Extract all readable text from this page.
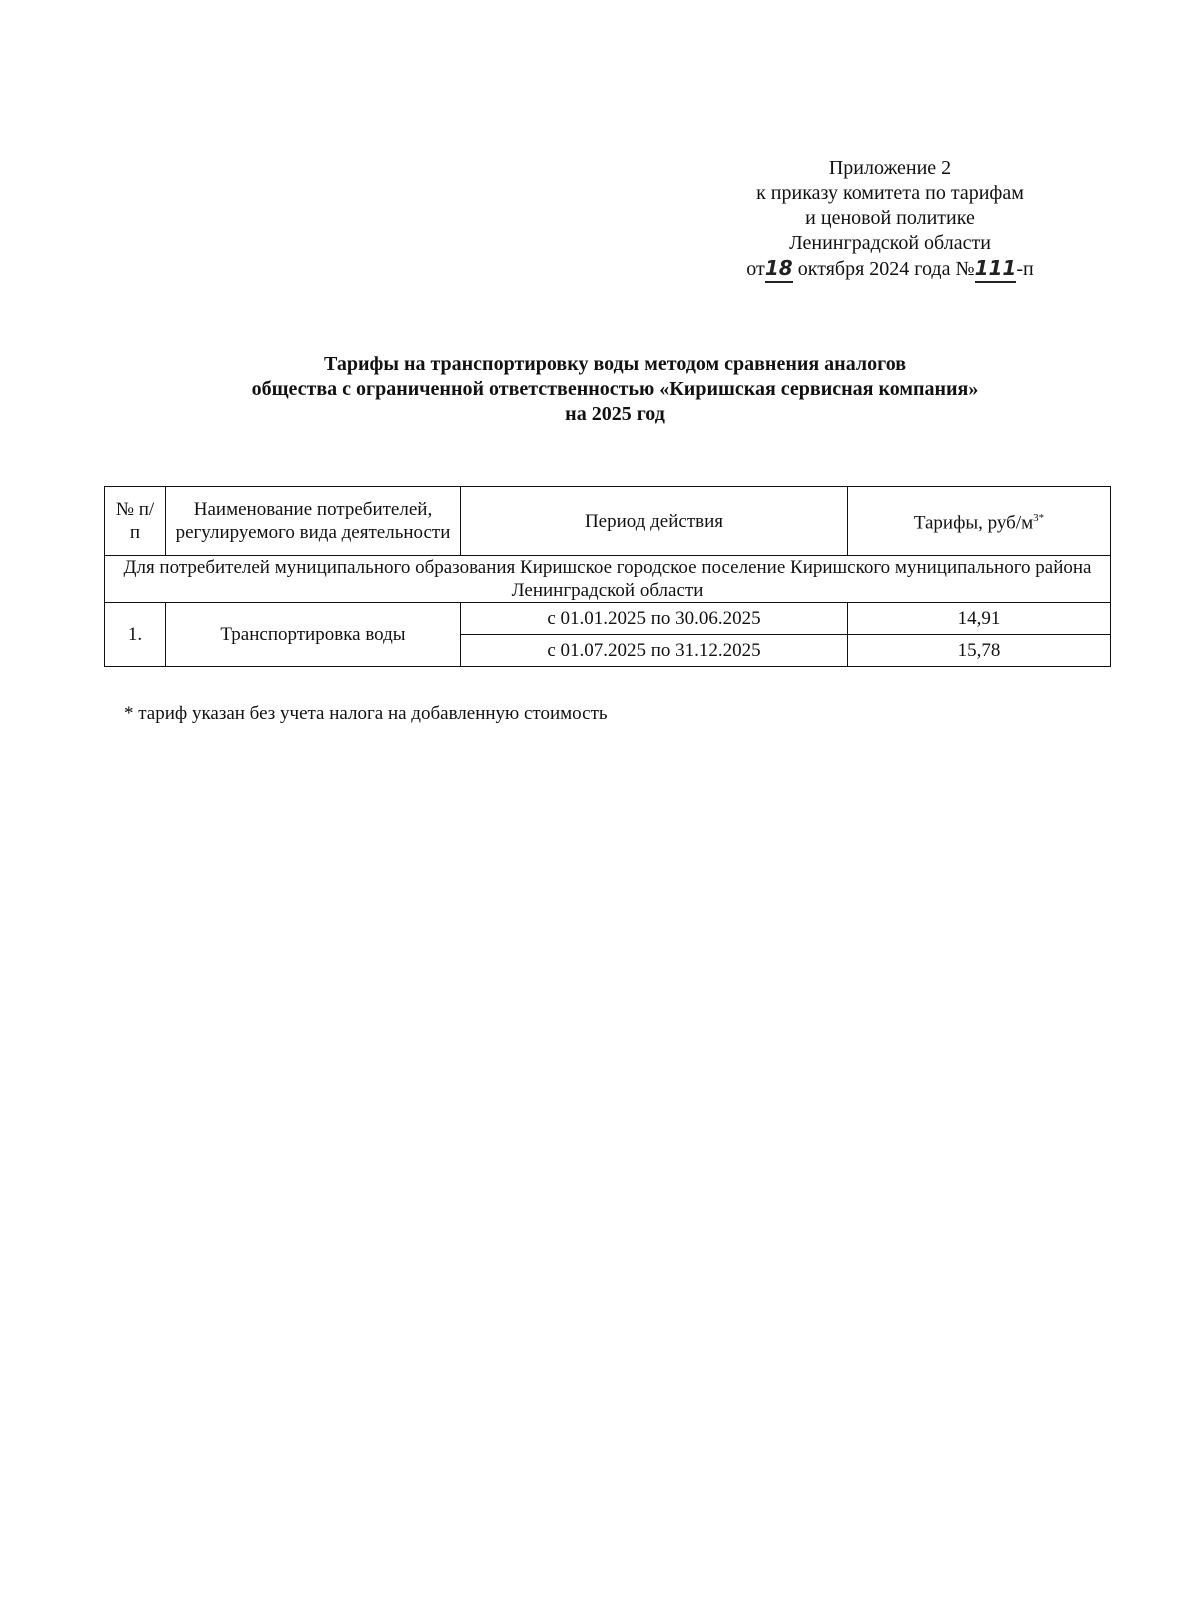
Приложение 2
к приказу комитета по тарифам
и ценовой политике
Ленинградской области
от18 октября 2024 года №111-п
Тарифы на транспортировку воды методом сравнения аналогов
общества с ограниченной ответственностью «Киришская сервисная компания»
на 2025 год
№ п/п	Наименование потребителей, регулируемого вида деятельности	Период действия	Тарифы, руб/$м^{3*}$
Для потребителей муниципального образования Киришское городское поселение Киришского муниципального района Ленинградской области			
1.	Транспортировка воды	с 01.01.2025 по 30.06.2025	14,91
		с 01.07.2025 по 31.12.2025	15,78
* тариф указан без учета налога на добавленную стоимость
